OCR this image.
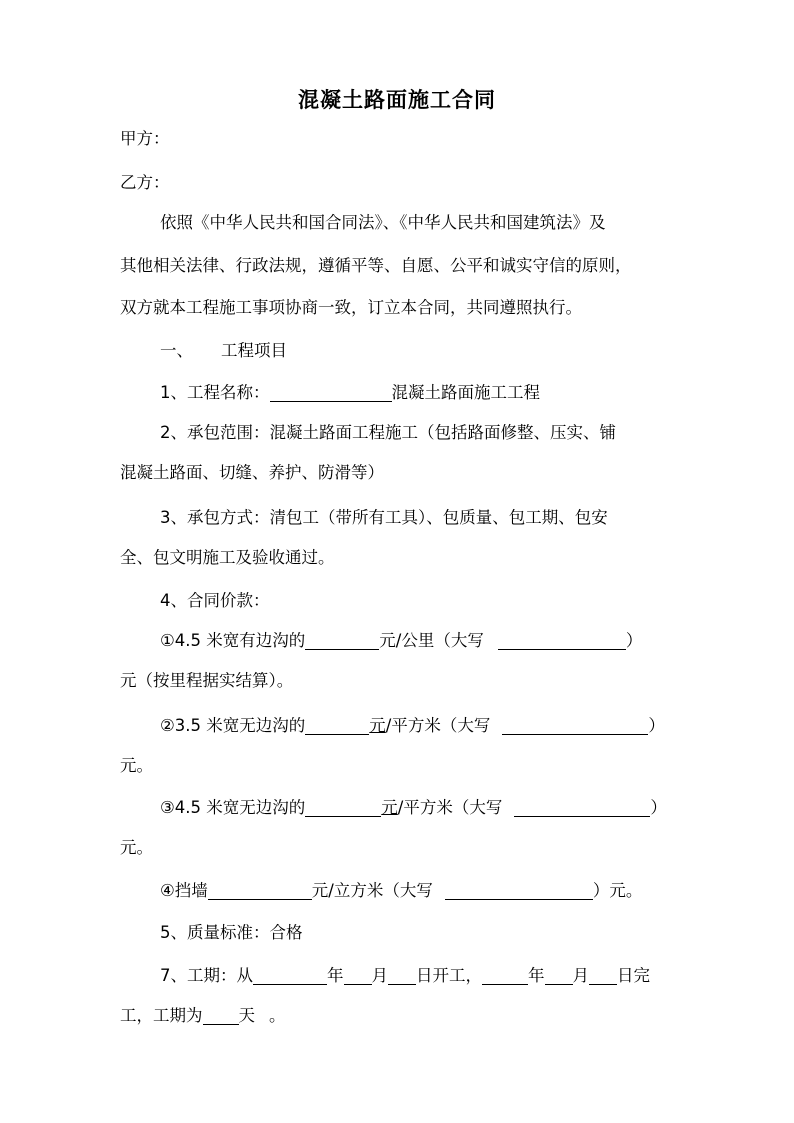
混凝土路面施工合同
甲方：
乙方：
依照《中华人民共和国合同法》、《中华人民共和国建筑法》及
其他相关法律、行政法规，遵循平等、自愿、公平和诚实守信的原则，
双方就本工程施工事项协商一致，订立本合同，共同遵照执行。
一、 工程项目
1、工程名称：	混凝土路面施工工程
2、承包范围：混凝土路面工程施工（包括路面修整、压实、铺
混凝土路面、切缝、养护、防滑等）
3、承包方式：清包工（带所有工具）、包质量、包工期、包安
全、包文明施工及验收通过。
4、合同价款：
①4.5 米宽有边沟的	元/公里（大写	）
元（按里程据实结算）。
②3.5 米宽无边沟的	元/平方米（大写	）
元。
③4.5 米宽无边沟的	元/平方米（大写	）
元。
④挡墙	元/立方米（大写	）元。
5、质量标准：合格
7、工期：从	年 月 日开工，	年 月 日完
工，工期为 天 。
